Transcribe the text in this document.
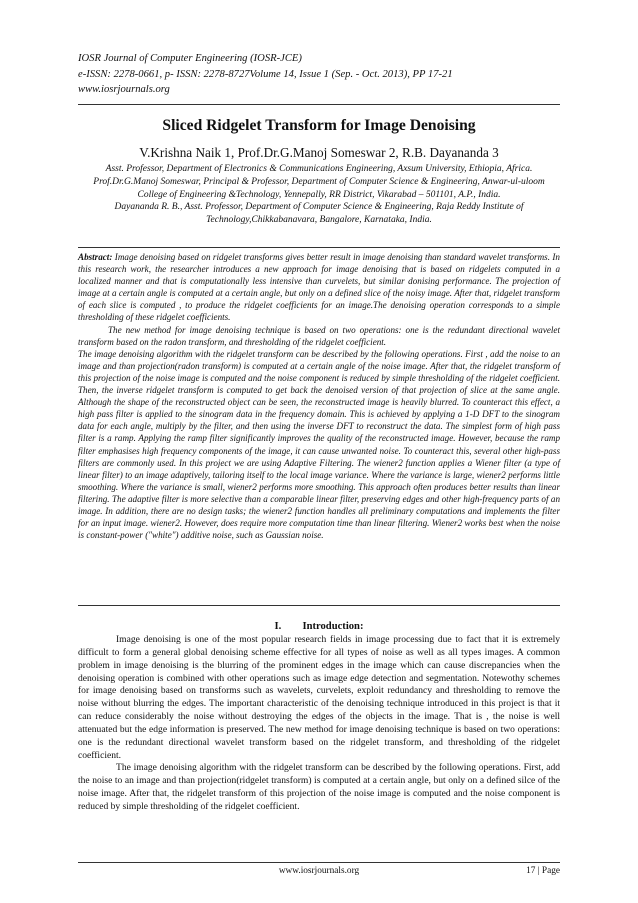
IOSR Journal of Computer Engineering (IOSR-JCE)
e-ISSN: 2278-0661, p- ISSN: 2278-8727Volume 14, Issue 1 (Sep. - Oct. 2013), PP 17-21
www.iosrjournals.org
Sliced Ridgelet Transform for Image Denoising
V.Krishna Naik 1, Prof.Dr.G.Manoj Someswar 2, R.B. Dayananda 3
Asst. Professor, Department of Electronics & Communications Engineering, Axsum University, Ethiopia, Africa.
Prof.Dr.G.Manoj Someswar, Principal & Professor, Department of Computer Science & Engineering, Anwar-ul-uloom College of Engineering &Technology, Yennepally, RR District, Vikarabad – 501101, A.P., India.
Dayananda R. B., Asst. Professor, Department of Computer Science & Engineering, Raja Reddy Institute of Technology,Chikkabanavara, Bangalore, Karnataka, India.

Abstract: Image denoising based on ridgelet transforms gives better result in image denoising than standard wavelet transforms. In this research work, the researcher introduces a new approach for image denoising that is based on ridgelets computed in a localized manner and that is computationally less intensive than curvelets, but similar donising performance. The projection of image at a certain angle is computed at a certain angle, but only on a defined slice of the noisy image. After that, ridgelet transform of each slice is computed , to produce the ridgelet coefficients for an image.The denoising operation corresponds to a simple thresholding of these ridgelet coefficients.

The new method for image denoising technique is based on two operations: one is the redundant directional wavelet transform based on the radon transform, and thresholding of the ridgelet coefficient.

The image denoising algorithm with the ridgelet transform can be described by the following operations. First , add the noise to an image and than projection(radon transform) is computed at a certain angle of the noise image. After that, the ridgelet transform of this projection of the noise image is computed and the noise component is reduced by simple thresholding of the ridgelet coefficient. Then, the inverse ridgelet transform is computed to get back the denoised version of that projection of slice at the same angle. Although the shape of the reconstructed object can be seen, the reconstructed image is heavily blurred. To counteract this effect, a high pass filter is applied to the sinogram data in the frequency domain. This is achieved by applying a 1-D DFT to the sinogram data for each angle, multiply by the filter, and then using the inverse DFT to reconstruct the data. The simplest form of high pass filter is a ramp. Applying the ramp filter significantly improves the quality of the reconstructed image. However, because the ramp filter emphasises high frequency components of the image, it can cause unwanted noise. To counteract this, several other high-pass filters are commonly used. In this project we are using Adaptive Filtering. The wiener2 function applies a Wiener filter (a type of linear filter) to an image adaptively, tailoring itself to the local image variance. Where the variance is large, wiener2 performs little smoothing. Where the variance is small, wiener2 performs more smoothing. This approach often produces better results than linear filtering. The adaptive filter is more selective than a comparable linear filter, preserving edges and other high-frequency parts of an image. In addition, there are no design tasks; the wiener2 function handles all preliminary computations and implements the filter for an input image. wiener2. However, does require more computation time than linear filtering. Wiener2 works best when the noise is constant-power ("white") additive noise, such as Gaussian noise.

I.        Introduction:

Image denoising is one of the most popular research fields in image processing due to fact that it is extremely difficult to form a general global denoising scheme effective for all types of noise as well as all types images. A common problem in image denoising is the blurring of the prominent edges in the image which can cause discrepancies when the denoising operation is combined with other operations such as image edge detection and segmentation. Notewothy schemes for image denoising based on transforms such as wavelets, curvelets, exploit redundancy and thresholding to remove the noise without blurring the edges. The important characteristic of the denoising technique introduced in this project is that it can reduce considerably the noise without destroying the edges of the objects in the image. That is , the noise is well attenuated but the edge information is preserved. The new method for image denoising technique is based on two operations: one is the redundant directional wavelet transform based on the ridgelet transform, and thresholding of the ridgelet coefficient.

The image denoising algorithm with the ridgelet transform can be described by the following operations. First, add the noise to an image and than projection(ridgelet transform) is computed at a certain angle, but only on a defined silce of the noise image. After that, the ridgelet transform of this projection of the noise image is computed and the noise component is reduced by simple thresholding of the ridgelet coefficient.

www.iosrjournals.org	17 | Page
